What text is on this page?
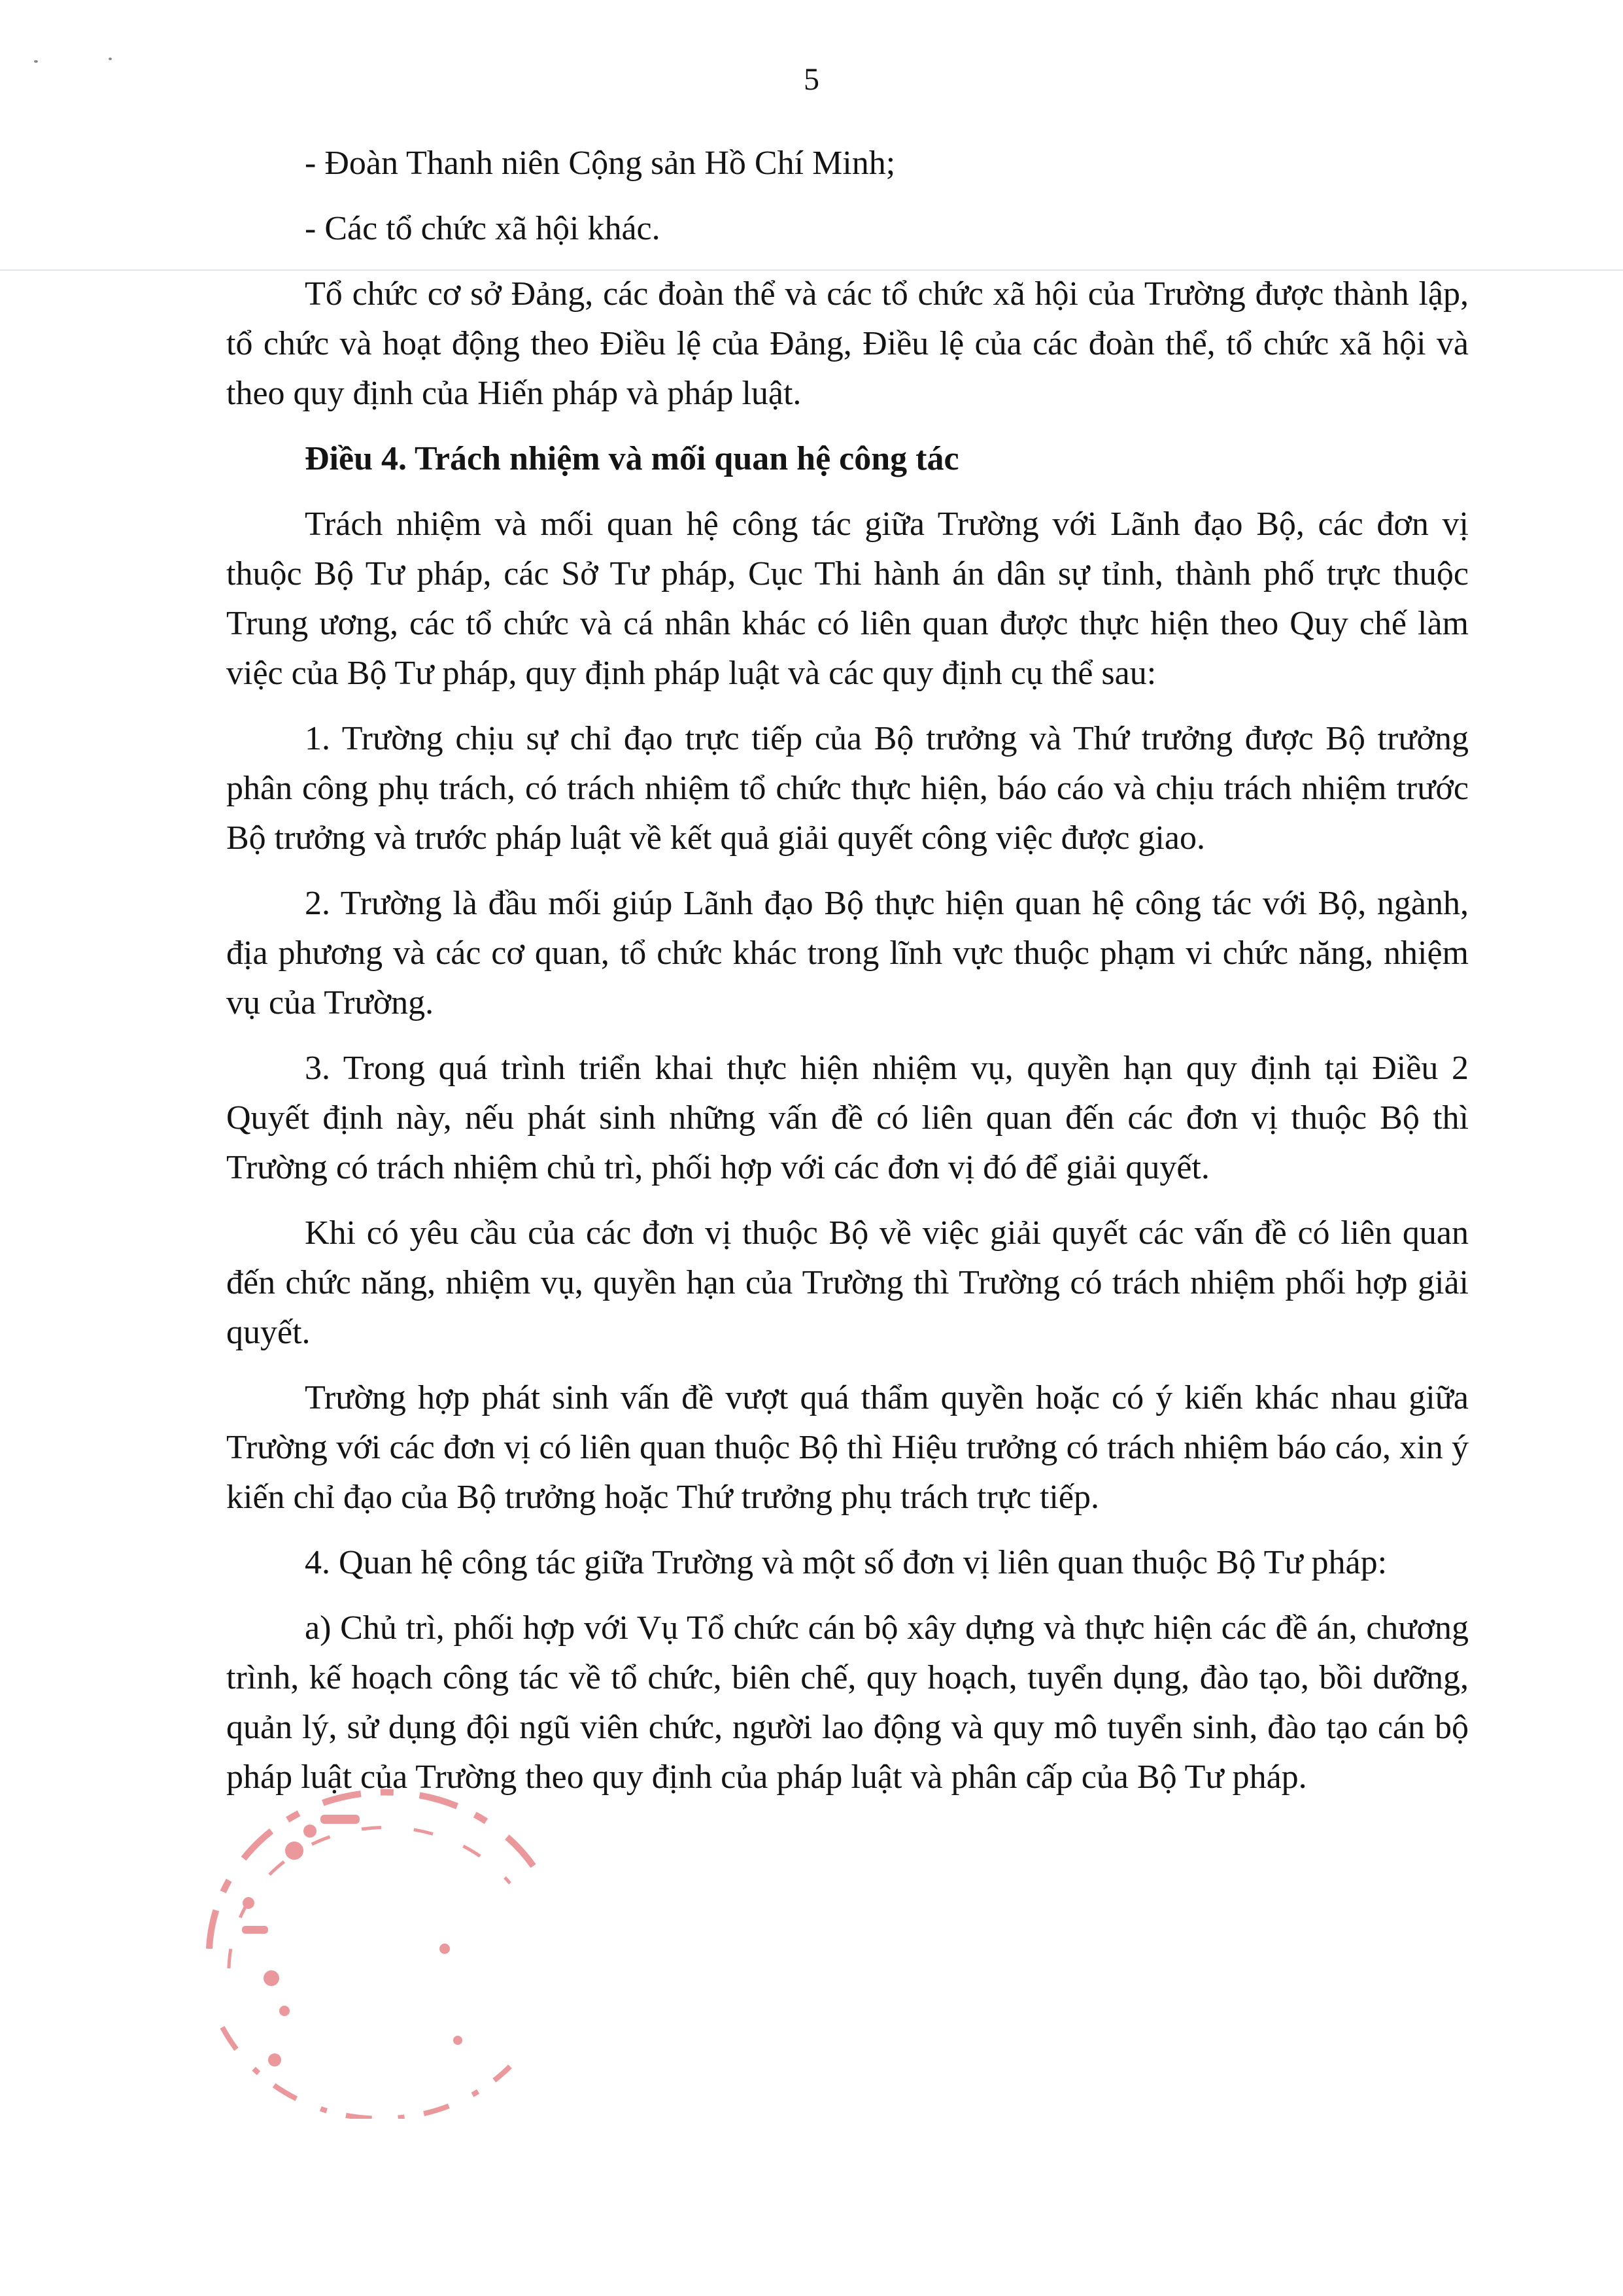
5

- Đoàn Thanh niên Cộng sản Hồ Chí Minh;

- Các tổ chức xã hội khác.

Tổ chức cơ sở Đảng, các đoàn thể và các tổ chức xã hội của Trường được thành lập, tổ chức và hoạt động theo Điều lệ của Đảng, Điều lệ của các đoàn thể, tổ chức xã hội và theo quy định của Hiến pháp và pháp luật.

Điều 4. Trách nhiệm và mối quan hệ công tác

Trách nhiệm và mối quan hệ công tác giữa Trường với Lãnh đạo Bộ, các đơn vị thuộc Bộ Tư pháp, các Sở Tư pháp, Cục Thi hành án dân sự tỉnh, thành phố trực thuộc Trung ương, các tổ chức và cá nhân khác có liên quan được thực hiện theo Quy chế làm việc của Bộ Tư pháp, quy định pháp luật và các quy định cụ thể sau:

1. Trường chịu sự chỉ đạo trực tiếp của Bộ trưởng và Thứ trưởng được Bộ trưởng phân công phụ trách, có trách nhiệm tổ chức thực hiện, báo cáo và chịu trách nhiệm trước Bộ trưởng và trước pháp luật về kết quả giải quyết công việc được giao.

2. Trường là đầu mối giúp Lãnh đạo Bộ thực hiện quan hệ công tác với Bộ, ngành, địa phương và các cơ quan, tổ chức khác trong lĩnh vực thuộc phạm vi chức năng, nhiệm vụ của Trường.

3. Trong quá trình triển khai thực hiện nhiệm vụ, quyền hạn quy định tại Điều 2 Quyết định này, nếu phát sinh những vấn đề có liên quan đến các đơn vị thuộc Bộ thì Trường có trách nhiệm chủ trì, phối hợp với các đơn vị đó để giải quyết.

Khi có yêu cầu của các đơn vị thuộc Bộ về việc giải quyết các vấn đề có liên quan đến chức năng, nhiệm vụ, quyền hạn của Trường thì Trường có trách nhiệm phối hợp giải quyết.

Trường hợp phát sinh vấn đề vượt quá thẩm quyền hoặc có ý kiến khác nhau giữa Trường với các đơn vị có liên quan thuộc Bộ thì Hiệu trưởng có trách nhiệm báo cáo, xin ý kiến chỉ đạo của Bộ trưởng hoặc Thứ trưởng phụ trách trực tiếp.

4. Quan hệ công tác giữa Trường và một số đơn vị liên quan thuộc Bộ Tư pháp:

a) Chủ trì, phối hợp với Vụ Tổ chức cán bộ xây dựng và thực hiện các đề án, chương trình, kế hoạch công tác về tổ chức, biên chế, quy hoạch, tuyển dụng, đào tạo, bồi dưỡng, quản lý, sử dụng đội ngũ viên chức, người lao động và quy mô tuyển sinh, đào tạo cán bộ pháp luật của Trường theo quy định của pháp luật và phân cấp của Bộ Tư pháp.
